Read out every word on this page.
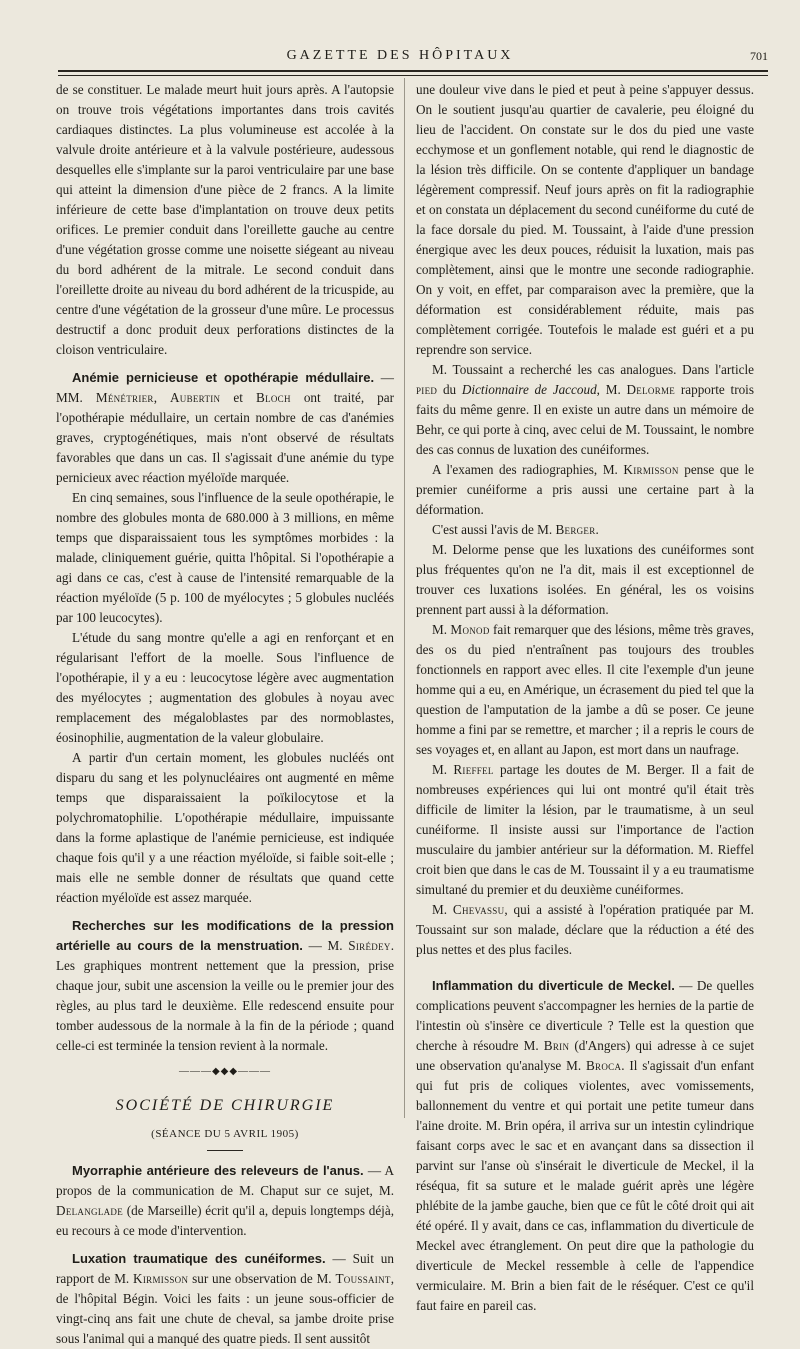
GAZETTE DES HÔPITAUX	701

de se constituer. Le malade meurt huit jours après. A l'autopsie on trouve trois végétations importantes dans trois cavités cardiaques distinctes. La plus volumineuse est accolée à la valvule droite antérieure et à la valvule postérieure, audessous desquelles elle s'implante sur la paroi ventriculaire par une base qui atteint la dimension d'une pièce de 2 francs. A la limite inférieure de cette base d'implantation on trouve deux petits orifices. Le premier conduit dans l'oreillette gauche au centre d'une végétation grosse comme une noisette siégeant au niveau du bord adhérent de la mitrale. Le second conduit dans l'oreillette droite au niveau du bord adhérent de la tricuspide, au centre d'une végétation de la grosseur d'une mûre. Le processus destructif a donc produit deux perforations distinctes de la cloison ventriculaire.

Anémie pernicieuse et opothérapie médullaire. — MM. Ménétrier, Aubertin et Bloch ont traité, par l'opothérapie médullaire, un certain nombre de cas d'anémies graves, cryptogénétiques, mais n'ont observé de résultats favorables que dans un cas. Il s'agissait d'une anémie du type pernicieux avec réaction myéloïde marquée.

En cinq semaines, sous l'influence de la seule opothérapie, le nombre des globules monta de 680.000 à 3 millions, en même temps que disparaissaient tous les symptômes morbides : la malade, cliniquement guérie, quitta l'hôpital. Si l'opothérapie a agi dans ce cas, c'est à cause de l'intensité remarquable de la réaction myéloïde (5 p. 100 de myélocytes ; 5 globules nucléés par 100 leucocytes).

L'étude du sang montre qu'elle a agi en renforçant et en régularisant l'effort de la moelle. Sous l'influence de l'opothérapie, il y a eu : leucocytose légère avec augmentation des myélocytes ; augmentation des globules à noyau avec remplacement des mégaloblastes par des normoblastes, éosinophilie, augmentation de la valeur globulaire.

A partir d'un certain moment, les globules nucléés ont disparu du sang et les polynucléaires ont augmenté en même temps que disparaissaient la poïkilocytose et la polychromatophilie. L'opothérapie médullaire, impuissante dans la forme aplastique de l'anémie pernicieuse, est indiquée chaque fois qu'il y a une réaction myéloïde, si faible soit-elle ; mais elle ne semble donner de résultats que quand cette réaction myéloïde est assez marquée.

Recherches sur les modifications de la pression artérielle au cours de la menstruation. — M. Sirédey. Les graphiques montrent nettement que la pression, prise chaque jour, subit une ascension la veille ou le premier jour des règles, au plus tard le deuxième. Elle redescend ensuite pour tomber audessous de la normale à la fin de la période ; quand celle-ci est terminée la tension revient à la normale.

———◆◆◆———

SOCIÉTÉ DE CHIRURGIE

(SÉANCE DU 5 AVRIL 1905)

Myorraphie antérieure des releveurs de l'anus. — A propos de la communication de M. Chaput sur ce sujet, M. Delanglade (de Marseille) écrit qu'il a, depuis longtemps déjà, eu recours à ce mode d'intervention.

Luxation traumatique des cunéiformes. — Suit un rapport de M. Kirmisson sur une observation de M. Toussaint, de l'hôpital Bégin. Voici les faits : un jeune sous-officier de vingt-cinq ans fait une chute de cheval, sa jambe droite prise sous l'animal qui a manqué des quatre pieds. Il sent aussitôt

une douleur vive dans le pied et peut à peine s'appuyer dessus. On le soutient jusqu'au quartier de cavalerie, peu éloigné du lieu de l'accident. On constate sur le dos du pied une vaste ecchymose et un gonflement notable, qui rend le diagnostic de la lésion très difficile. On se contente d'appliquer un bandage légèrement compressif. Neuf jours après on fit la radiographie et on constata un déplacement du second cunéiforme du cuté de la face dorsale du pied. M. Toussaint, à l'aide d'une pression énergique avec les deux pouces, réduisit la luxation, mais pas complètement, ainsi que le montre une seconde radiographie. On y voit, en effet, par comparaison avec la première, que la déformation est considérablement réduite, mais pas complètement corrigée. Toutefois le malade est guéri et a pu reprendre son service.

M. Toussaint a recherché les cas analogues. Dans l'article pied du Dictionnaire de Jaccoud, M. Delorme rapporte trois faits du même genre. Il en existe un autre dans un mémoire de Behr, ce qui porte à cinq, avec celui de M. Toussaint, le nombre des cas connus de luxation des cunéiformes.

A l'examen des radiographies, M. Kirmisson pense que le premier cunéiforme a pris aussi une certaine part à la déformation.

C'est aussi l'avis de M. Berger.

M. Delorme pense que les luxations des cunéiformes sont plus fréquentes qu'on ne l'a dit, mais il est exceptionnel de trouver ces luxations isolées. En général, les os voisins prennent part aussi à la déformation.

M. Monod fait remarquer que des lésions, même très graves, des os du pied n'entraînent pas toujours des troubles fonctionnels en rapport avec elles. Il cite l'exemple d'un jeune homme qui a eu, en Amérique, un écrasement du pied tel que la question de l'amputation de la jambe a dû se poser. Ce jeune homme a fini par se remettre, et marcher ; il a repris le cours de ses voyages et, en allant au Japon, est mort dans un naufrage.

M. Rieffel partage les doutes de M. Berger. Il a fait de nombreuses expériences qui lui ont montré qu'il était très difficile de limiter la lésion, par le traumatisme, à un seul cunéiforme. Il insiste aussi sur l'importance de l'action musculaire du jambier antérieur sur la déformation. M. Rieffel croit bien que dans le cas de M. Toussaint il y a eu traumatisme simultané du premier et du deuxième cunéiformes.

M. Chevassu, qui a assisté à l'opération pratiquée par M. Toussaint sur son malade, déclare que la réduction a été des plus nettes et des plus faciles.

Inflammation du diverticule de Meckel. — De quelles complications peuvent s'accompagner les hernies de la partie de l'intestin où s'insère ce diverticule ? Telle est la question que cherche à résoudre M. Brin (d'Angers) qui adresse à ce sujet une observation qu'analyse M. Broca. Il s'agissait d'un enfant qui fut pris de coliques violentes, avec vomissements, ballonnement du ventre et qui portait une petite tumeur dans l'aine droite. M. Brin opéra, il arriva sur un intestin cylindrique faisant corps avec le sac et en avançant dans sa dissection il parvint sur l'anse où s'insérait le diverticule de Meckel, il la réséqua, fit sa suture et le malade guérit après une légère phlébite de la jambe gauche, bien que ce fût le côté droit qui ait été opéré. Il y avait, dans ce cas, inflammation du diverticule de Meckel avec étranglement. On peut dire que la pathologie du diverticule de Meckel ressemble à celle de l'appendice vermiculaire. M. Brin a bien fait de le réséquer. C'est ce qu'il faut faire en pareil cas.
